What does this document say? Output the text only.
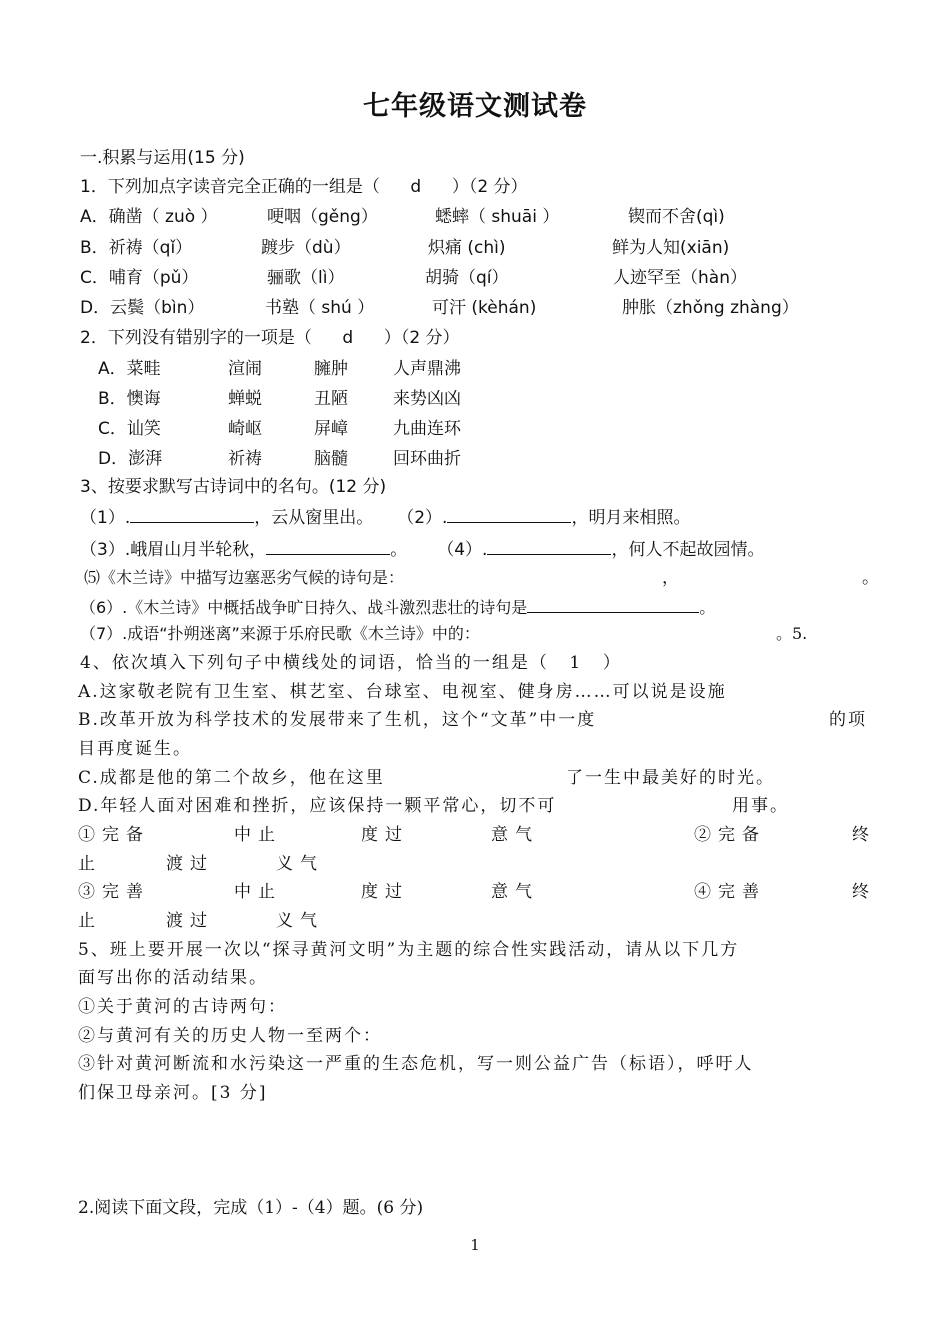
七年级语文测试卷
一.积累与运用(15 分)
1．下列加点字读音完全正确的一组是（ d ）（2 分）
A．确凿（ zuò ）	哽咽（gěng）	蟋蟀（ shuāi ）	锲而不舍(qì)
B．祈祷（qǐ）	踱步（dù）	炽痛 (chì)	鲜为人知(xiān)
C．哺育（pǔ）	骊歌（lì）	胡骑（qí）	人迹罕至（hàn）
D．云鬓（bìn）	书塾（ shú ）	可汗 (kèhán)	肿胀（zhǒng zhàng）
2．下列没有错别字的一项是（ d ）（2 分）
A．菜畦	渲闹	臃肿	人声鼎沸
B．懊诲	蝉蜕	丑陋	来势凶凶
C．讪笑	崎岖	屏嶂	九曲连环
D．澎湃	祈祷	脑髓	回环曲折
3、按要求默写古诗词中的名句。(12 分)
（1）.	，云从窗里出。 （2）.	，明月来相照。
（3）.峨眉山月半轮秋，	。 （4）.	，何人不起故园情。
⑸《木兰诗》中描写边塞恶劣气候的诗句是：	，	。
（6）.《木兰诗》中概括战争旷日持久、战斗激烈悲壮的诗句是	。
（7）.成语“扑朔迷离”来源于乐府民歌《木兰诗》中的：	。5.
4、依次填入下列句子中横线处的词语，恰当的一组是（ 1 ）
A.这家敬老院有卫生室、棋艺室、台球室、电视室、健身房……可以说是设施
B.改革开放为科学技术的发展带来了生机，这个“文革”中一度	的项
目再度诞生。
C.成都是他的第二个故乡，他在这里	了一生中最美好的时光。
D.年轻人面对困难和挫折，应该保持一颗平常心，切不可	用事。
①完备	中止	度过	意气	②完备	终
止	渡过	义气
③完善	中止	度过	意气	④完善	终
止	渡过	义气
5、班上要开展一次以“探寻黄河文明”为主题的综合性实践活动，请从以下几方
面写出你的活动结果。
①关于黄河的古诗两句：
②与黄河有关的历史人物一至两个：
③针对黄河断流和水污染这一严重的生态危机，写一则公益广告（标语），呼吁人
们保卫母亲河。[3 分]
2.阅读下面文段，完成（1）-（4）题。(6 分)
1
